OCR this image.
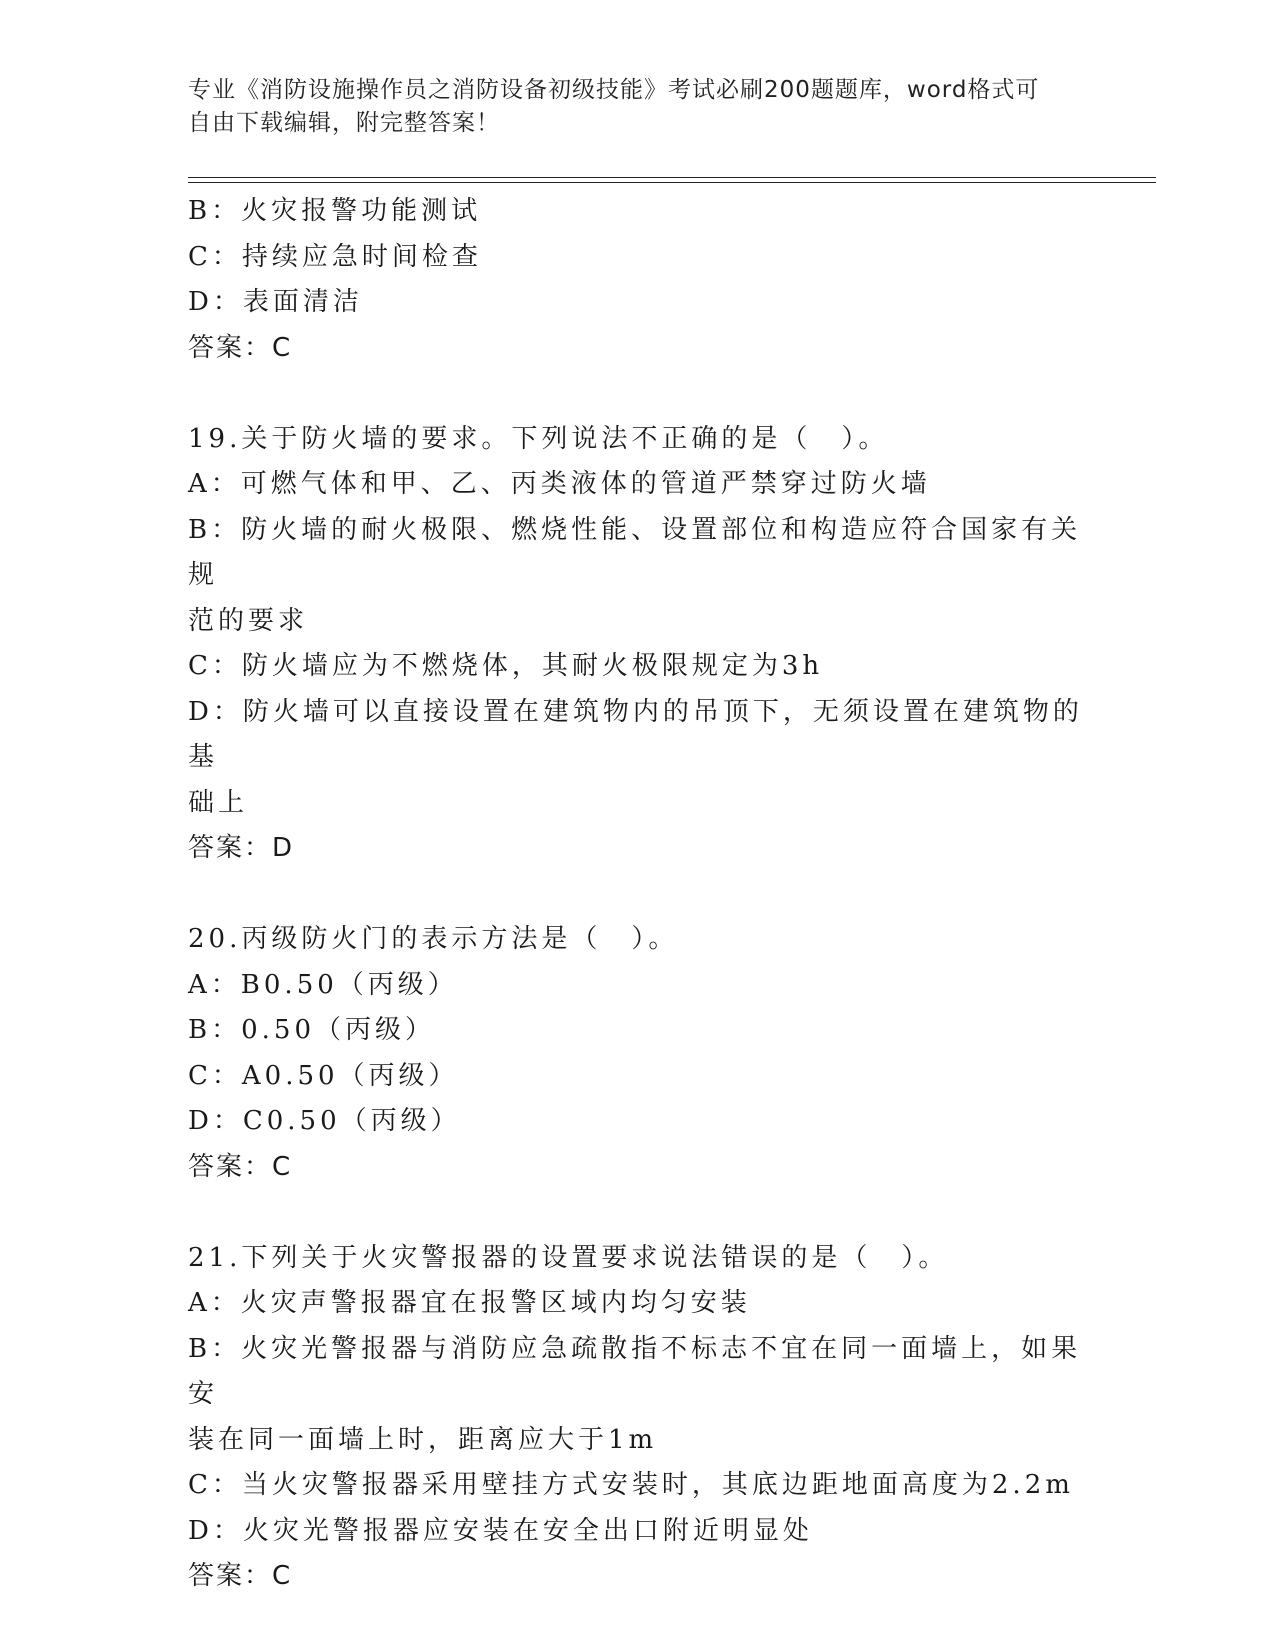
专业《消防设施操作员之消防设备初级技能》考试必刷200题题库，word格式可
自由下载编辑，附完整答案！

B：火灾报警功能测试

C：持续应急时间检查

D：表面清洁

答案：C

19.关于防火墙的要求。下列说法不正确的是（　）。

A：可燃气体和甲、乙、丙类液体的管道严禁穿过防火墙

B：防火墙的耐火极限、燃烧性能、设置部位和构造应符合国家有关规

范的要求

C：防火墙应为不燃烧体，其耐火极限规定为3h

D：防火墙可以直接设置在建筑物内的吊顶下，无须设置在建筑物的基

础上

答案：D

20.丙级防火门的表示方法是（　）。

A：B0.50（丙级）

B：0.50（丙级）

C：A0.50（丙级）

D：C0.50（丙级）

答案：C

21.下列关于火灾警报器的设置要求说法错误的是（　）。

A：火灾声警报器宜在报警区域内均匀安装

B：火灾光警报器与消防应急疏散指不标志不宜在同一面墙上，如果安

装在同一面墙上时，距离应大于1m

C：当火灾警报器采用壁挂方式安装时，其底边距地面高度为2.2m

D：火灾光警报器应安装在安全出口附近明显处

答案：C
